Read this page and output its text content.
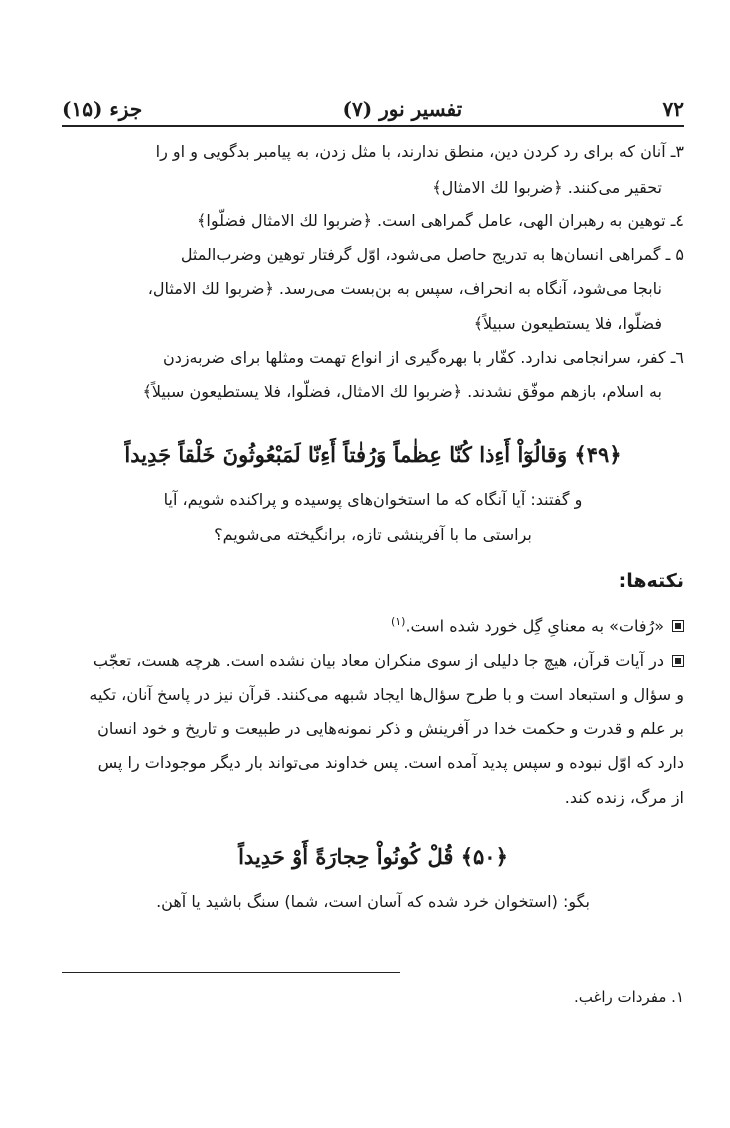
۷۲
تفسیر نور (۷)
جزء (۱۵)
۳ـ آنان که برای رد کردن دین، منطق ندارند، با مثل زدن، به پیامبر بدگویی و او را
تحقیر می‌کنند. ﴿ضربوا لك الامثال﴾
٤ـ توهین به رهبران الهی، عامل گمراهی است. ﴿ضربوا لك الامثال فضلّوا﴾
۵ ـ گمراهی انسان‌ها به تدریج حاصل می‌شود، اوّل گرفتار توهین وضرب‌المثل
نابجا می‌شود، آنگاه به انحراف، سپس به بن‌بست می‌رسد. ﴿ضربوا لك الامثال،
فضلّوا، فلا یستطیعون سبیلاً﴾
٦ـ کفر، سرانجامی ندارد. کفّار با بهره‌گیری از انواع تهمت ومثلها برای ضربه‌زدن
به اسلام، بازهم موفّق نشدند. ﴿ضربوا لك الامثال، فضلّوا، فلا یستطیعون سبیلاً﴾
﴿۴۹﴾ وَقالُوٓاْ أَءِذا كُنّا عِظٰماً وَرُفٰتاً أَءِنّا لَمَبْعُوثُونَ خَلْقاً جَدِيداً
و گفتند: آیا آنگاه که ما استخوان‌های پوسیده و پراکنده شویم، آیا
براستی ما با آفرینشی تازه، برانگیخته می‌شویم؟
نکته‌ها:
«رُفات» به معنایِ گِل خورد شده است.$^{(۱)}$
در آیات قرآن، هیچ جا دلیلی از سوی منکران معاد بیان نشده است. هرچه هست، تعجّب
و سؤال و استبعاد است و با طرح سؤال‌ها ایجاد شبهه می‌کنند. قرآن نیز در پاسخ آنان، تکیه
بر علم و قدرت و حکمت خدا در آفرینش و ذکر نمونه‌هایی در طبیعت و تاریخ و خود انسان
دارد که اوّل نبوده و سپس پدید آمده است. پس خداوند می‌تواند بار دیگر موجودات را پس
از مرگ، زنده کند.
﴿۵۰﴾ قُلْ كُونُواْ حِجارَةً أَوْ حَدِيداً
بگو: (استخوان خرد شده که آسان است، شما) سنگ باشید یا آهن.
۱. مفردات راغب.
